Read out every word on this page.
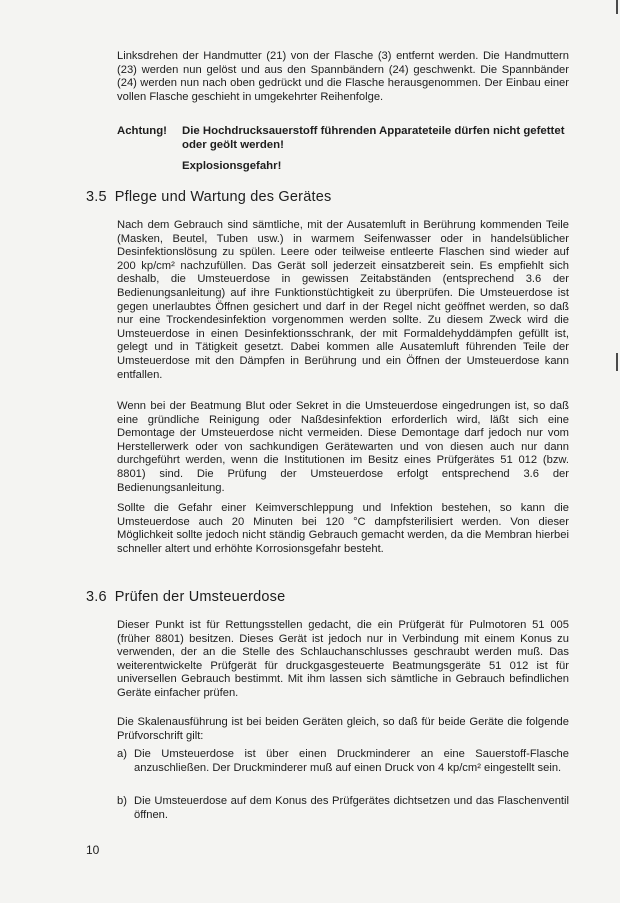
Linksdrehen der Handmutter (21) von der Flasche (3) entfernt werden. Die Handmuttern (23) werden nun gelöst und aus den Spannbändern (24) geschwenkt. Die Spannbänder (24) werden nun nach oben gedrückt und die Flasche herausgenommen. Der Einbau einer vollen Flasche geschieht in umgekehrter Reihenfolge.

Achtung! Die Hochdrucksauerstoff führenden Apparateteile dürfen nicht gefettet oder geölt werden!

Explosionsgefahr!

3.5 Pflege und Wartung des Gerätes

Nach dem Gebrauch sind sämtliche, mit der Ausatemluft in Berührung kommenden Teile (Masken, Beutel, Tuben usw.) in warmem Seifenwasser oder in handelsüblicher Desinfektionslösung zu spülen. Leere oder teilweise entleerte Flaschen sind wieder auf 200 kp/cm² nachzufüllen. Das Gerät soll jederzeit einsatzbereit sein. Es empfiehlt sich deshalb, die Umsteuerdose in gewissen Zeitabständen (entsprechend 3.6 der Bedienungsanleitung) auf ihre Funktionstüchtigkeit zu überprüfen. Die Umsteuerdose ist gegen unerlaubtes Öffnen gesichert und darf in der Regel nicht geöffnet werden, so daß nur eine Trockendesinfektion vorgenommen werden sollte. Zu diesem Zweck wird die Umsteuerdose in einen Desinfektionsschrank, der mit Formaldehyddämpfen gefüllt ist, gelegt und in Tätigkeit gesetzt. Dabei kommen alle Ausatemluft führenden Teile der Umsteuerdose mit den Dämpfen in Berührung und ein Öffnen der Umsteuerdose kann entfallen.

Wenn bei der Beatmung Blut oder Sekret in die Umsteuerdose eingedrungen ist, so daß eine gründliche Reinigung oder Naßdesinfektion erforderlich wird, läßt sich eine Demontage der Umsteuerdose nicht vermeiden. Diese Demontage darf jedoch nur vom Herstellerwerk oder von sachkundigen Gerätewarten und von diesen auch nur dann durchgeführt werden, wenn die Institutionen im Besitz eines Prüfgerätes 51 012 (bzw. 8801) sind. Die Prüfung der Umsteuerdose erfolgt entsprechend 3.6 der Bedienungsanleitung.

Sollte die Gefahr einer Keimverschleppung und Infektion bestehen, so kann die Umsteuerdose auch 20 Minuten bei 120 °C dampfsterilisiert werden. Von dieser Möglichkeit sollte jedoch nicht ständig Gebrauch gemacht werden, da die Membran hierbei schneller altert und erhöhte Korrosionsgefahr besteht.

3.6 Prüfen der Umsteuerdose

Dieser Punkt ist für Rettungsstellen gedacht, die ein Prüfgerät für Pulmotoren 51 005 (früher 8801) besitzen. Dieses Gerät ist jedoch nur in Verbindung mit einem Konus zu verwenden, der an die Stelle des Schlauchanschlusses geschraubt werden muß. Das weiterentwickelte Prüfgerät für druckgasgesteuerte Beatmungsgeräte 51 012 ist für universellen Gebrauch bestimmt. Mit ihm lassen sich sämtliche in Gebrauch befindlichen Geräte einfacher prüfen.

Die Skalenausführung ist bei beiden Geräten gleich, so daß für beide Geräte die folgende Prüfvorschrift gilt:

a) Die Umsteuerdose ist über einen Druckminderer an eine Sauerstoff-Flasche anzuschließen. Der Druckminderer muß auf einen Druck von 4 kp/cm² eingestellt sein.
b) Die Umsteuerdose auf dem Konus des Prüfgerätes dichtsetzen und das Flaschenventil öffnen.

10
